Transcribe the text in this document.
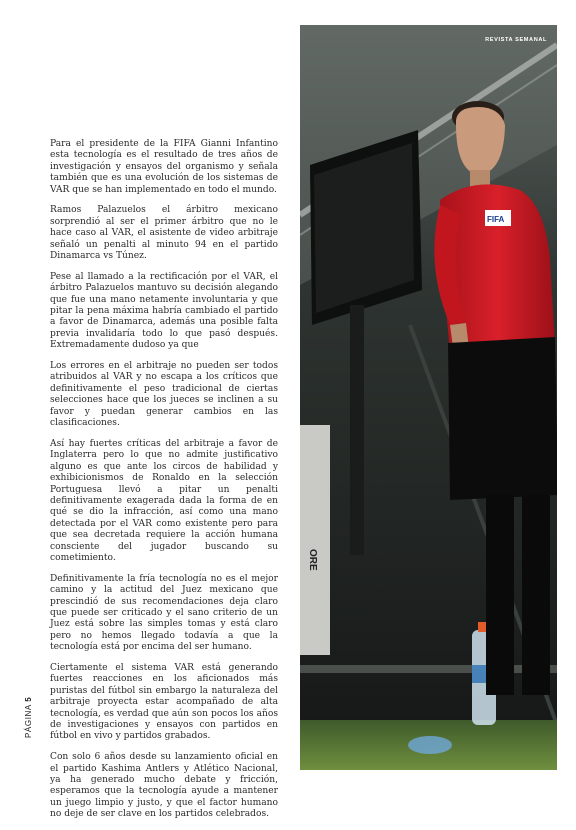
Para el presidente de la FIFA Gianni Infantino esta tecnología es el resultado de tres años de investigación y ensayos del organismo y señala también que es una evolución de los sistemas de VAR que se han implementado en todo el mundo.

Ramos Palazuelos el árbitro mexicano sorprendió al ser el primer árbitro que no le hace caso al VAR, el asistente de video arbitraje señaló un penalti al minuto 94 en el partido Dinamarca vs Túnez.

Pese al llamado a la rectificación por el VAR, el árbitro Palazuelos mantuvo su decisión alegando que fue una mano netamente involuntaria y que pitar la pena máxima habría cambiado el partido a favor de Dinamarca, además una posible falta previa invalidaría todo lo que pasó después. Extremadamente dudoso ya que

Los errores en el arbitraje no pueden ser todos atribuidos al VAR y no escapa a los críticos que definitivamente el peso tradicional de ciertas selecciones hace que los jueces se inclinen a su favor y puedan generar cambios en las clasificaciones.

Así hay fuertes críticas del arbitraje a favor de Inglaterra pero lo que no admite justificativo alguno es que ante los circos de habilidad y exhibicionismos de Ronaldo en la selección Portuguesa llevó a pitar un penalti definitivamente exagerada dada la forma de en qué se dio la infracción, así como una mano detectada por el VAR como existente pero para que sea decretada requiere la acción humana consciente del jugador buscando su cometimiento.

Definitivamente la fría tecnología no es el mejor camino y la actitud del Juez mexicano que prescindió de sus recomendaciones deja claro que puede ser criticado y el sano criterio de un Juez está sobre las simples tomas y está claro pero no hemos llegado todavía a que la tecnología está por encima del ser humano.

Ciertamente el sistema VAR está generando fuertes reacciones en los aficionados más puristas del fútbol sin embargo la naturaleza del arbitraje proyecta estar acompañado de alta tecnología, es verdad que aún son pocos los años de investigaciones y ensayos con partidos en fútbol en vivo y partidos grabados.

Con solo 6 años desde su lanzamiento oficial en el partido Kashima Antlers y Atlético Nacional, ya ha generado mucho debate y fricción, esperamos que la tecnología ayude a mantener un juego limpio y justo, y que el factor humano no deje de ser clave en los partidos celebrados.

PÁGINA 5
ORE
FIFA
REVISTA SEMANAL
